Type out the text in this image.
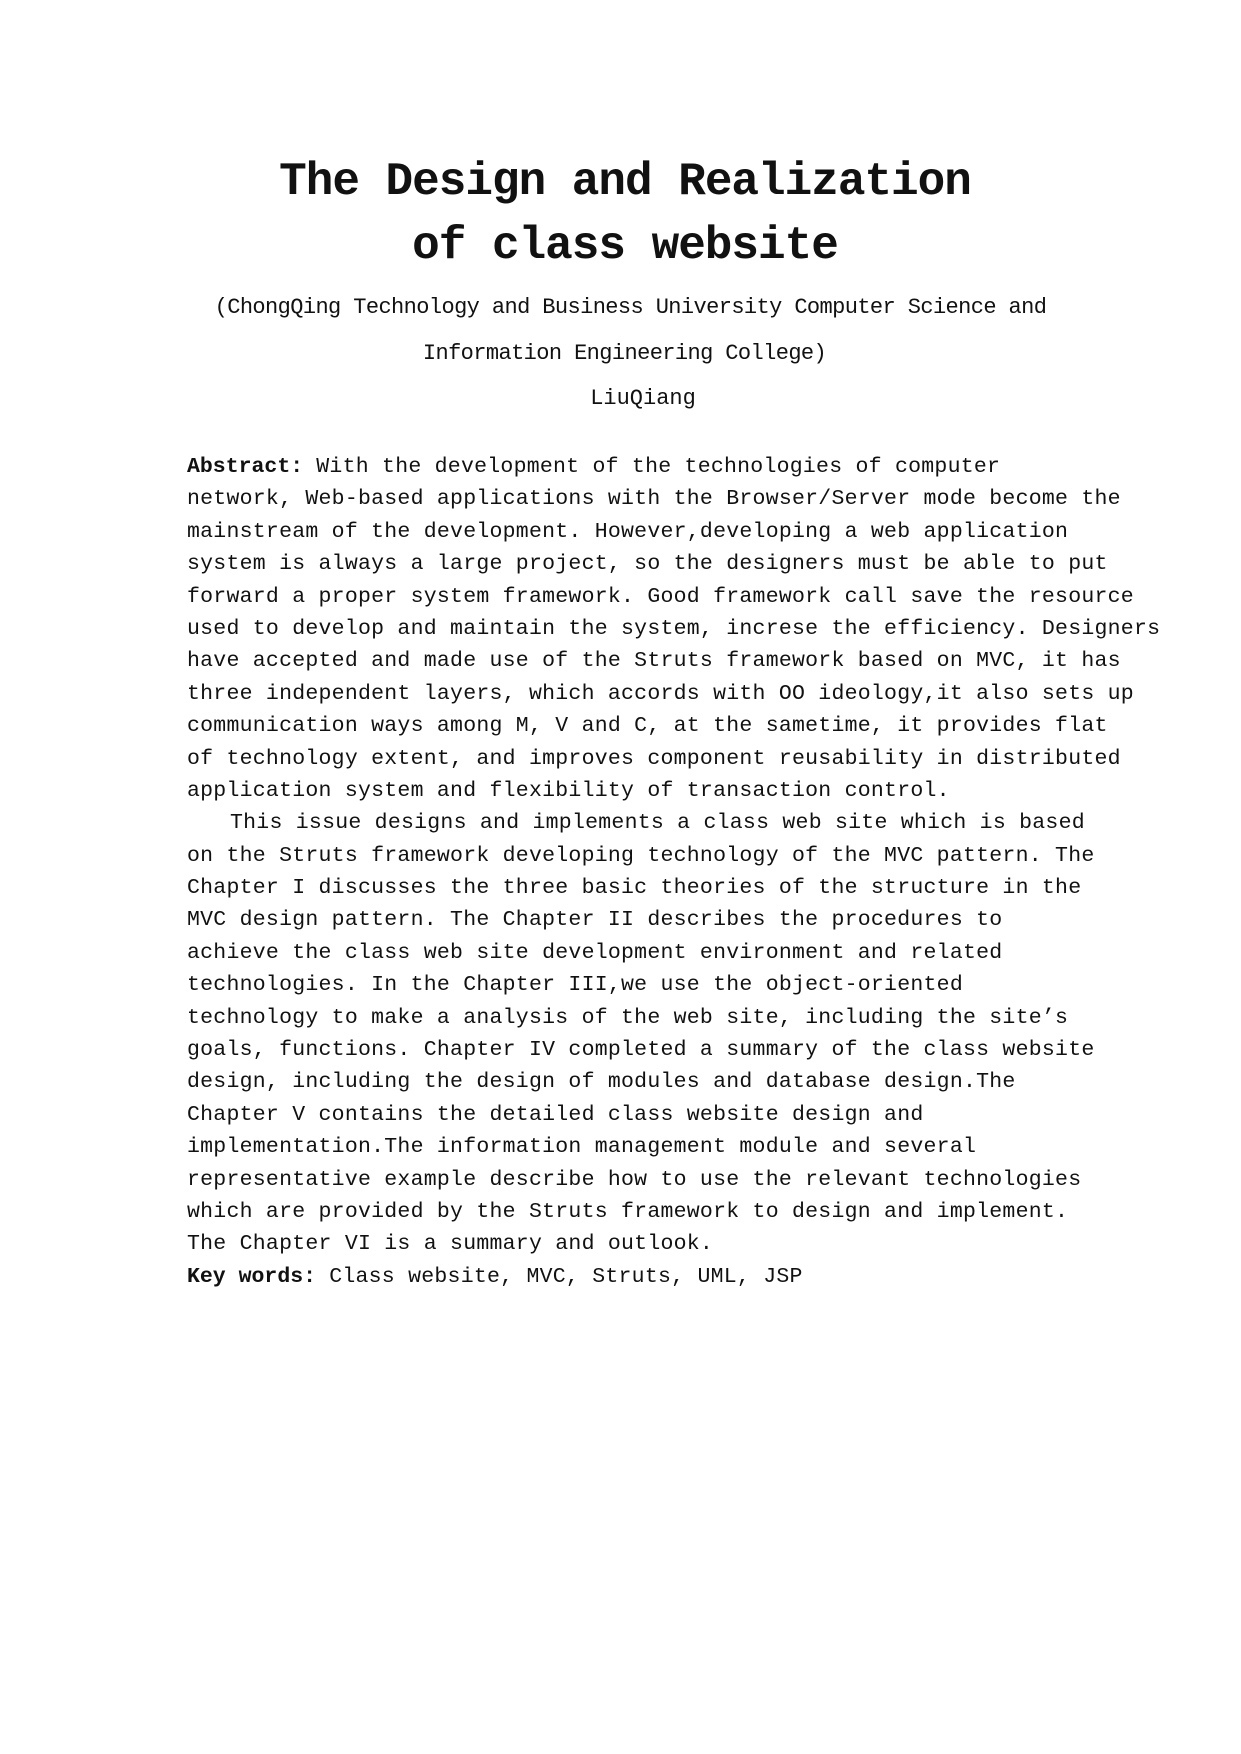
The Design and Realization
of class website
(ChongQing Technology and Business University Computer Science and
Information Engineering College)
LiuQiang
Abstract: With the development of the technologies of computer
network, Web-based applications with the Browser/Server mode become the
mainstream of the development. However,developing a web application
system is always a large project, so the designers must be able to put
forward a proper system framework. Good framework call save the resource
used to develop and maintain the system, increse the efficiency. Designers
have accepted and made use of the Struts framework based on MVC, it has
three independent layers, which accords with OO ideology,it also sets up
communication ways among M, V and C, at the sametime, it provides flat
of technology extent, and improves component reusability in distributed
application system and flexibility of transaction control.
This issue designs and implements a class web site which is based
on the Struts framework developing technology of the MVC pattern. The
Chapter I discusses the three basic theories of the structure in the
MVC design pattern. The Chapter II describes the procedures to
achieve the class web site development environment and related
technologies. In the Chapter III,we use the object-oriented
technology to make a analysis of the web site, including the site’s
goals, functions. Chapter IV completed a summary of the class website
design, including the design of modules and database design.The
Chapter V contains the detailed class website design and
implementation.The information management module and several
representative example describe how to use the relevant technologies
which are provided by the Struts framework to design and implement.
The Chapter VI is a summary and outlook.
Key words: Class website, MVC, Struts, UML, JSP
